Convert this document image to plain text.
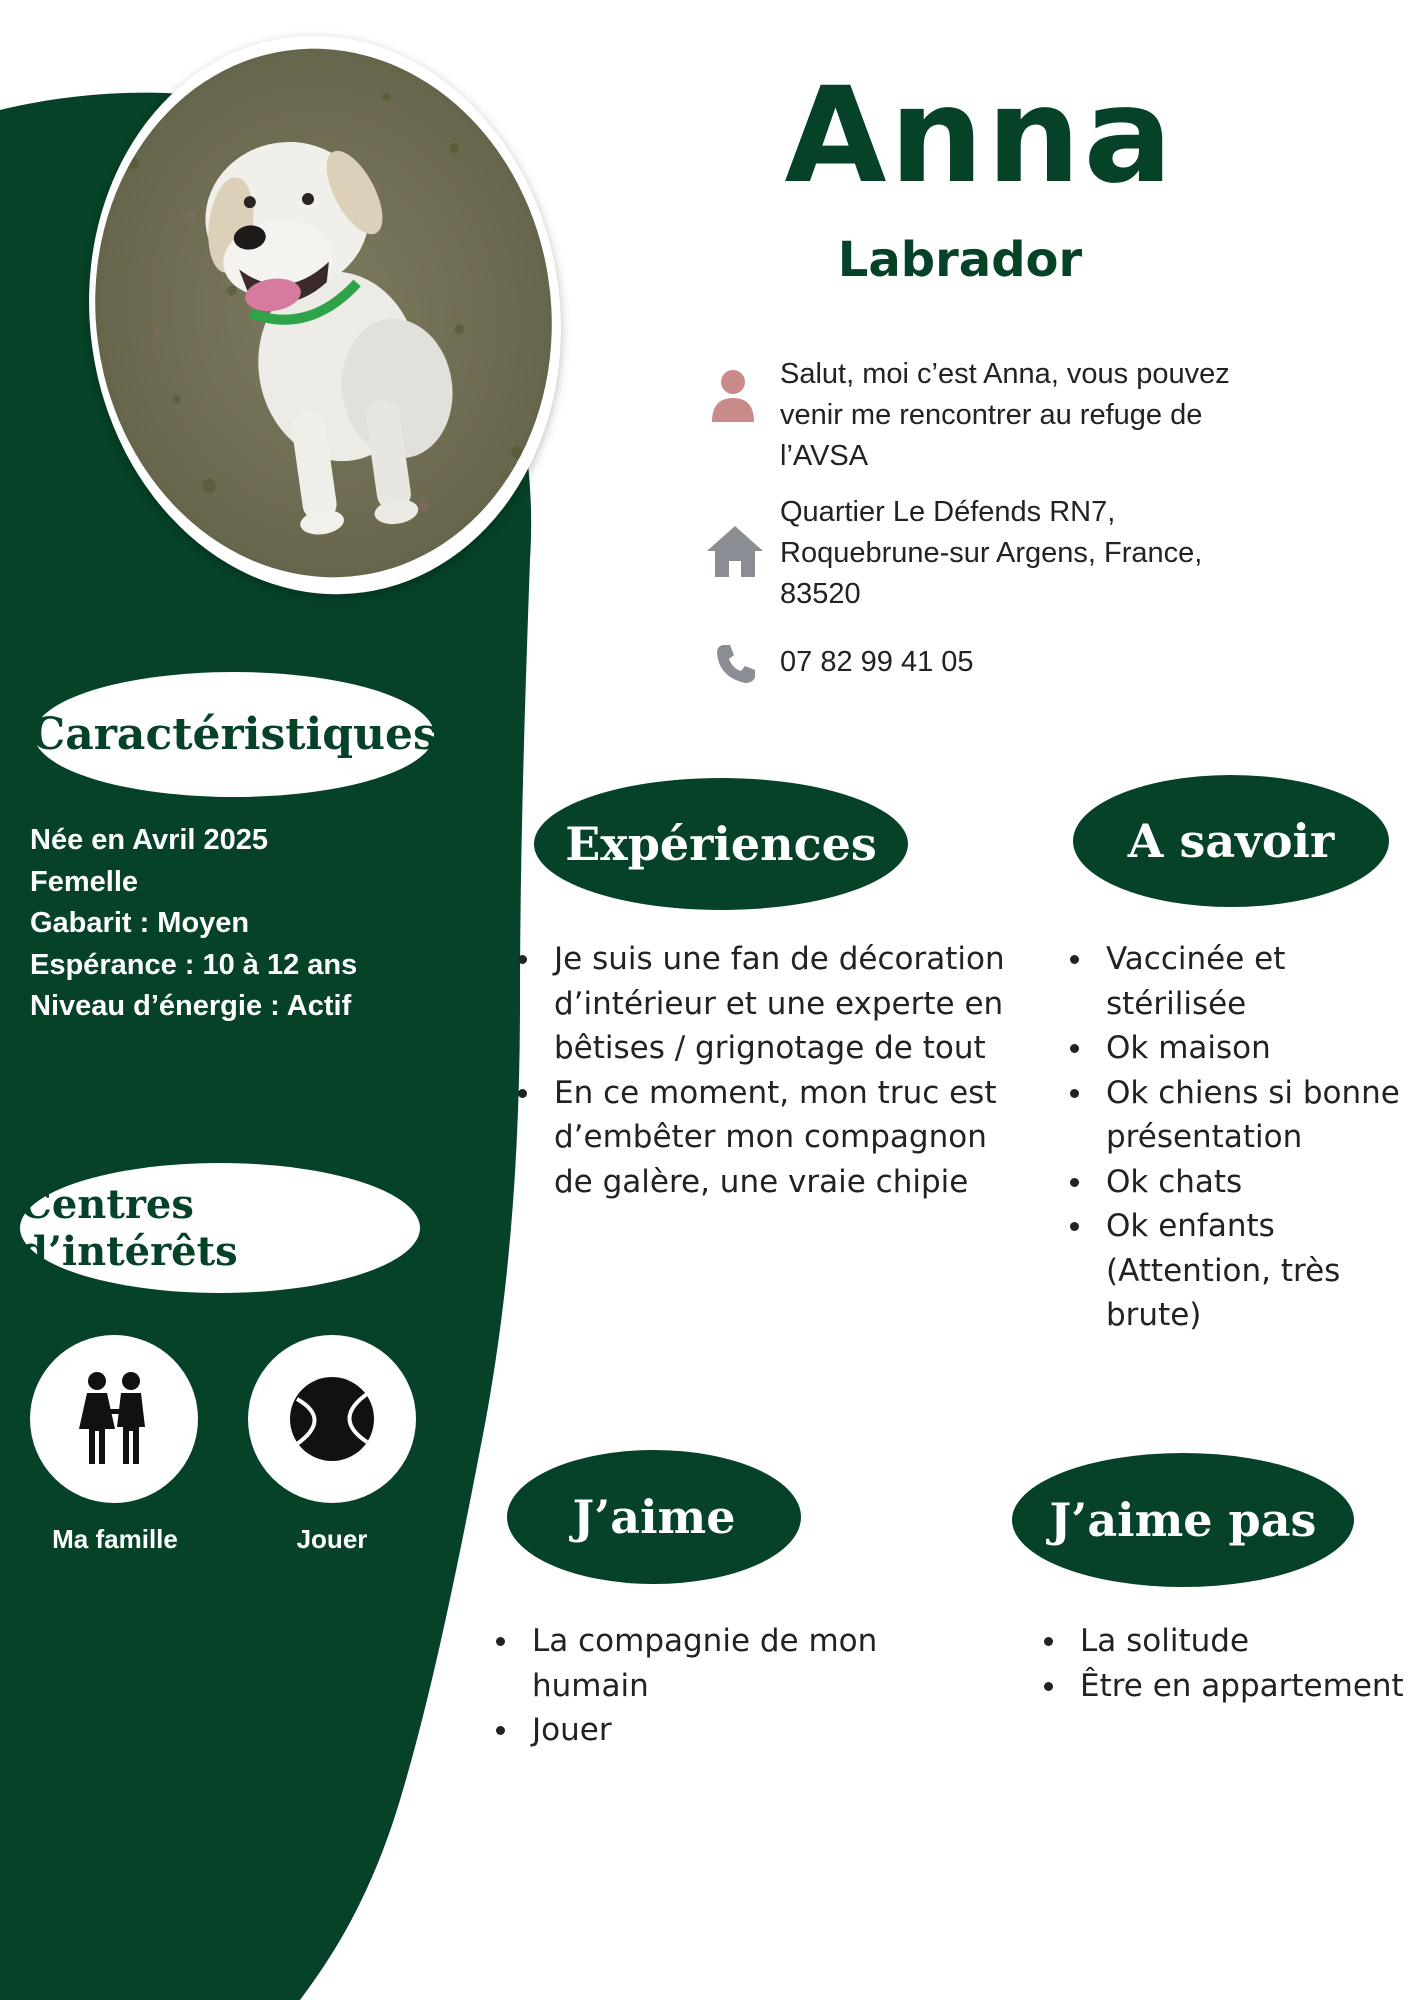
Caractéristiques
Née en Avril 2025
Femelle
Gabarit : Moyen
Espérance : 10 à 12 ans
Niveau d’énergie : Actif
Centres d’intérêts
Ma famille	Jouer
Anna
Labrador
Salut, moi c’est Anna, vous pouvez
venir me rencontrer au refuge de
l’AVSA
Quartier Le Défends RN7,
Roquebrune-sur Argens, France,
83520
07 82 99 41 05
Expériences
Je suis une fan de décoration
d’intérieur et une experte en
bêtises / grignotage de tout
En ce moment, mon truc est
d’embêter mon compagnon
de galère, une vraie chipie
A savoir
Vaccinée et
stérilisée
Ok maison
Ok chiens si bonne
présentation
Ok chats
Ok enfants
(Attention, très
brute)
J’aime
La compagnie de mon
humain
Jouer
J’aime pas
La solitude
Être en appartement
